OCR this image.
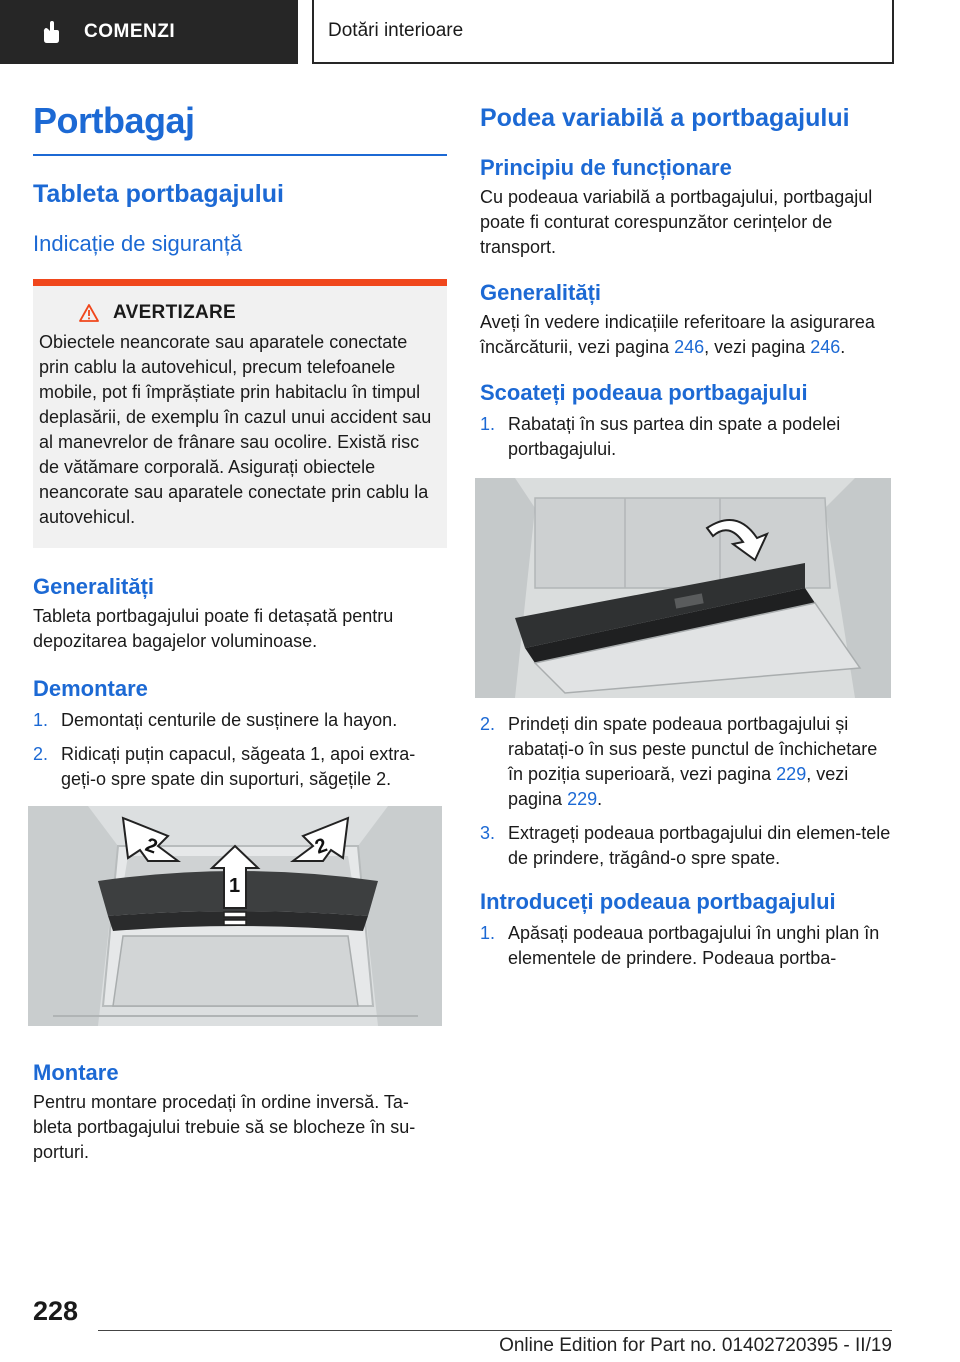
COMENZI	Dotări interioare
Portbagaj
Tableta portbagajului
Indicație de siguranță
AVERTIZARE

Obiectele neancorate sau aparatele conectate prin cablu la autovehicul, precum telefoanele mobile, pot fi împrăștiate prin habitaclu în timpul deplasării, de exemplu în cazul unui accident sau al manevrelor de frânare sau ocolire. Există risc de vătămare corporală. Asigurați obiectele neancorate sau aparatele conectate prin cablu la autovehicul.

Generalități

Tableta portbagajului poate fi detașată pentru depozitarea bagajelor voluminoase.

Demontare
1. Demontați centurile de susținere la hayon.
2. Ridicați puțin capacul, săgeata 1, apoi extra-geți-o spre spate din suporturi, săgețile 2.
2	2
1
Montare

Pentru montare procedați în ordine inversă. Ta-bleta portbagajului trebuie să se blocheze în su-porturi.

Podea variabilă a portbagajului
Principiu de funcționare

Cu podeaua variabilă a portbagajului, portbagajul poate fi conturat corespunzător cerințelor de transport.

Generalități

Aveți în vedere indicațiile referitoare la asigurarea încărcăturii, vezi pagina 246, vezi pagina 246.

Scoateți podeaua portbagajului
1. Rabatați în sus partea din spate a podelei portbagajului.
2. Prindeți din spate podeaua portbagajului și rabatați-o în sus peste punctul de închichetare în poziția superioară, vezi pagina 229, vezi pagina 229.
3. Extrageți podeaua portbagajului din elemen-tele de prindere, trăgând-o spre spate.
Introduceți podeaua portbagajului
1. Apăsați podeaua portbagajului în unghi plan în elementele de prindere. Podeaua portba-
228
Online Edition for Part no. 01402720395 - II/19
